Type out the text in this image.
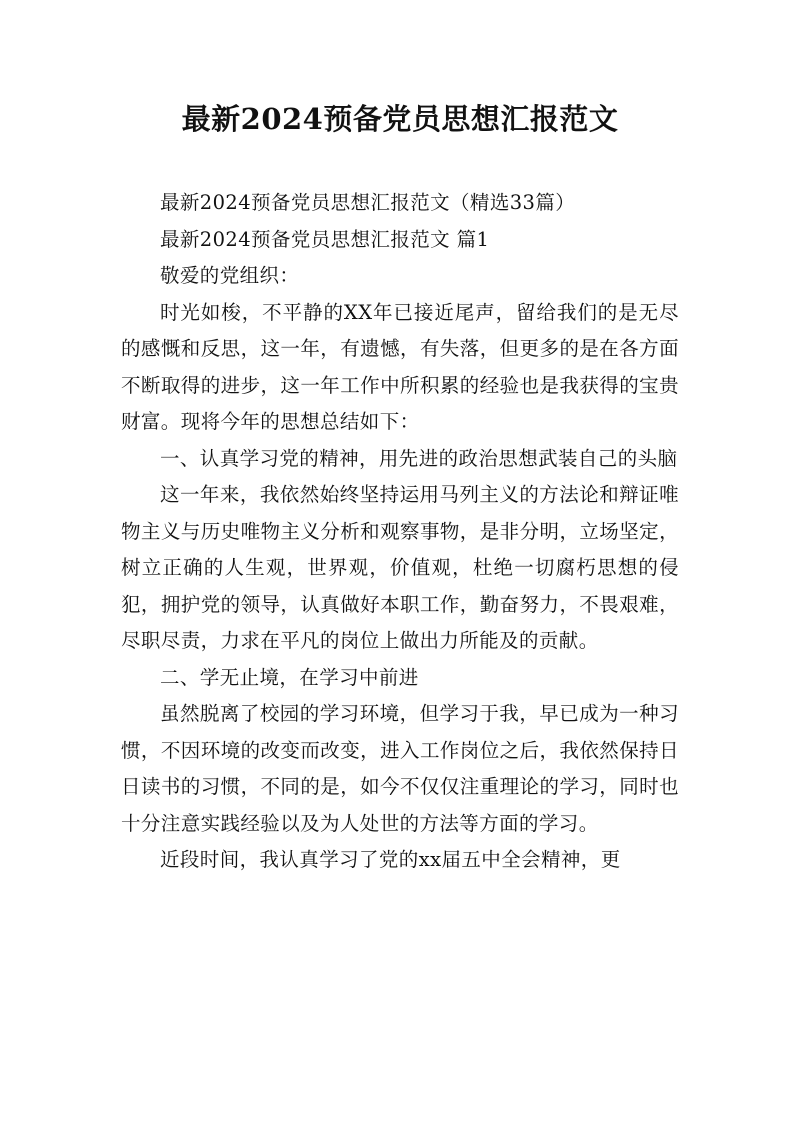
最新2024预备党员思想汇报范文

最新2024预备党员思想汇报范文（精选33篇）

最新2024预备党员思想汇报范文 篇1

敬爱的党组织：

时光如梭，不平静的XX年已接近尾声，留给我们的是无尽的感慨和反思，这一年，有遗憾，有失落，但更多的是在各方面不断取得的进步，这一年工作中所积累的经验也是我获得的宝贵财富。现将今年的思想总结如下：

一、认真学习党的精神，用先进的政治思想武装自己的头脑

这一年来，我依然始终坚持运用马列主义的方法论和辩证唯物主义与历史唯物主义分析和观察事物，是非分明，立场坚定，树立正确的人生观，世界观，价值观，杜绝一切腐朽思想的侵犯，拥护党的领导，认真做好本职工作，勤奋努力，不畏艰难，尽职尽责，力求在平凡的岗位上做出力所能及的贡献。

二、学无止境，在学习中前进

虽然脱离了校园的学习环境，但学习于我，早已成为一种习惯，不因环境的改变而改变，进入工作岗位之后，我依然保持日日读书的习惯，不同的是，如今不仅仅注重理论的学习，同时也十分注意实践经验以及为人处世的方法等方面的学习。

近段时间，我认真学习了党的xx届五中全会精神，更
